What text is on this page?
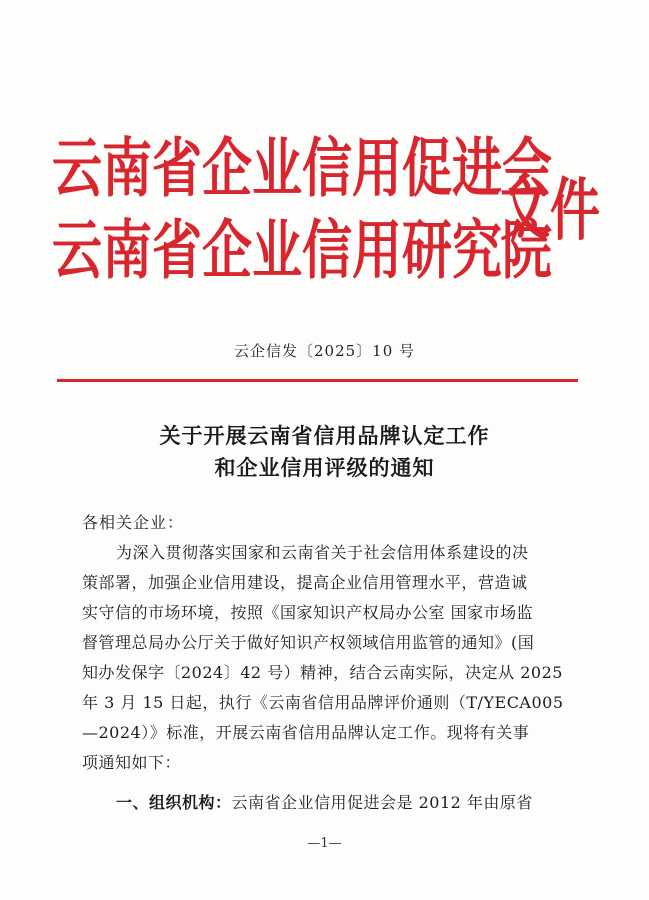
云南省企业信用促进会
云南省企业信用研究院
文件
云企信发〔2025〕10 号
关于开展云南省信用品牌认定工作
和企业信用评级的通知
各相关企业：
为深入贯彻落实国家和云南省关于社会信用体系建设的决
策部署，加强企业信用建设，提高企业信用管理水平，营造诚
实守信的市场环境，按照《国家知识产权局办公室 国家市场监
督管理总局办公厅关于做好知识产权领域信用监管的通知》(国
知办发保字〔2024〕42 号）精神，结合云南实际，决定从 2025
年 3 月 15 日起，执行《云南省信用品牌评价通则（T/YECA005
—2024）》标准，开展云南省信用品牌认定工作。现将有关事
项通知如下：
一、组织机构：云南省企业信用促进会是 2012 年由原省
—1—
